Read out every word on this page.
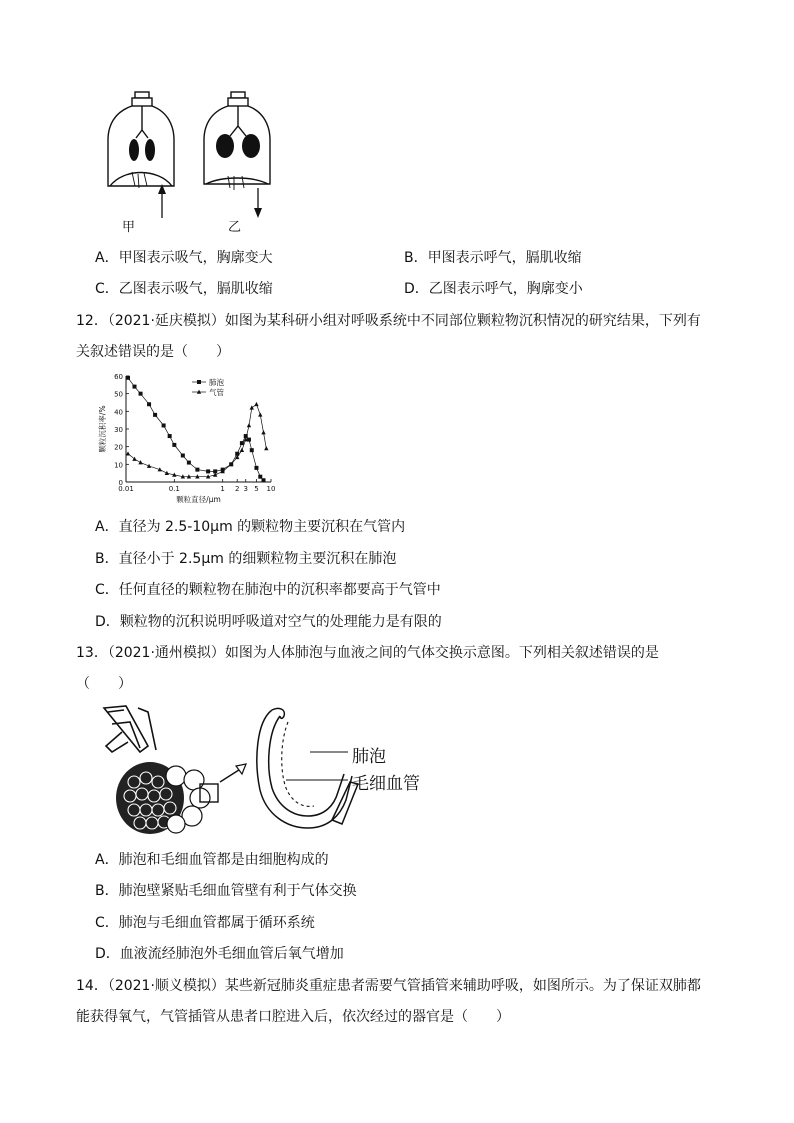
甲	乙
A．甲图表示吸气，胸廓变大	B．甲图表示呼气，膈肌收缩
C．乙图表示吸气，膈肌收缩	D．乙图表示呼气，胸廓变小
12．（2021·延庆模拟）如图为某科研小组对呼吸系统中不同部位颗粒物沉积情况的研究结果，下列有
关叙述错误的是（　　）
0
10
20
30
40
50
60
0.01	0.1	1 2 3 5 10
颗粒直径/μm
颗粒沉积率/%
肺泡
气管
A．直径为 2.5-10μm 的颗粒物主要沉积在气管内
B．直径小于 2.5μm 的细颗粒物主要沉积在肺泡
C．任何直径的颗粒物在肺泡中的沉积率都要高于气管中
D．颗粒物的沉积说明呼吸道对空气的处理能力是有限的
13．（2021·通州模拟）如图为人体肺泡与血液之间的气体交换示意图。下列相关叙述错误的是
（　　）
肺泡
毛细血管
A．肺泡和毛细血管都是由细胞构成的
B．肺泡壁紧贴毛细血管壁有利于气体交换
C．肺泡与毛细血管都属于循环系统
D．血液流经肺泡外毛细血管后氧气增加
14．（2021·顺义模拟）某些新冠肺炎重症患者需要气管插管来辅助呼吸，如图所示。为了保证双肺都
能获得氧气，气管插管从患者口腔进入后，依次经过的器官是（　　）
